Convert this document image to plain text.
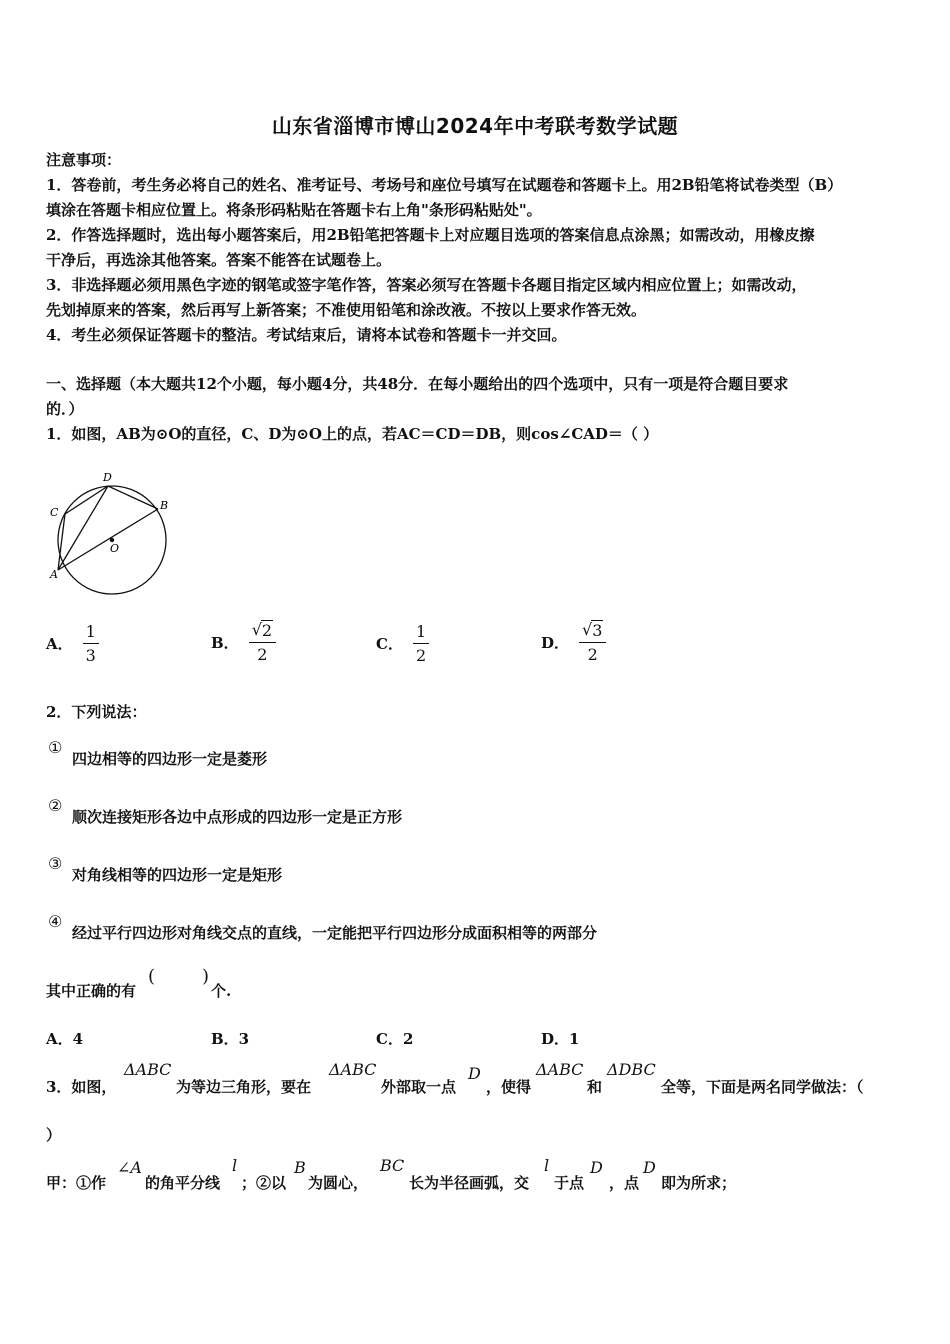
山东省淄博市博山2024年中考联考数学试题
注意事项：
1．答卷前，考生务必将自己的姓名、准考证号、考场号和座位号填写在试题卷和答题卡上。用2B铅笔将试卷类型（B）
填涂在答题卡相应位置上。将条形码粘贴在答题卡右上角"条形码粘贴处"。
2．作答选择题时，选出每小题答案后，用2B铅笔把答题卡上对应题目选项的答案信息点涂黑；如需改动，用橡皮擦
干净后，再选涂其他答案。答案不能答在试题卷上。
3．非选择题必须用黑色字迹的钢笔或签字笔作答，答案必须写在答题卡各题目指定区域内相应位置上；如需改动，
先划掉原来的答案，然后再写上新答案；不准使用铅笔和涂改液。不按以上要求作答无效。
4．考生必须保证答题卡的整洁。考试结束后，请将本试卷和答题卡一并交回。
一、选择题（本大题共12个小题，每小题4分，共48分．在每小题给出的四个选项中，只有一项是符合题目要求
的．）
1．如图，AB为⊙O的直径，C、D为⊙O上的点，若AC＝CD＝DB，则cos∠CAD＝（ ）
A
B
C
D
O
A． $\frac{1}{3}$	B． $\frac{√ 2}{2}$	C． $\frac{1}{2}$	D． $\frac{√ 3}{2}$
2．下列说法：
①
四边相等的四边形一定是菱形
②
顺次连接矩形各边中点形成的四边形一定是正方形
③
对角线相等的四边形一定是矩形
④
经过平行四边形对角线交点的直线，一定能把平行四边形分成面积相等的两部分
其中正确的有
(	)
个.
A．4	B．3	C．2	D．1
3．如图，
ΔABC
为等边三角形，要在
ΔABC
外部取一点
D
，使得
ΔABC
和
ΔDBC
全等，下面是两名同学做法：（
）
甲：①作
∠A
的角平分线
l
；②以
B
为圆心，
BC
长为半径画弧，交
l
于点
D
，点
D
即为所求；
